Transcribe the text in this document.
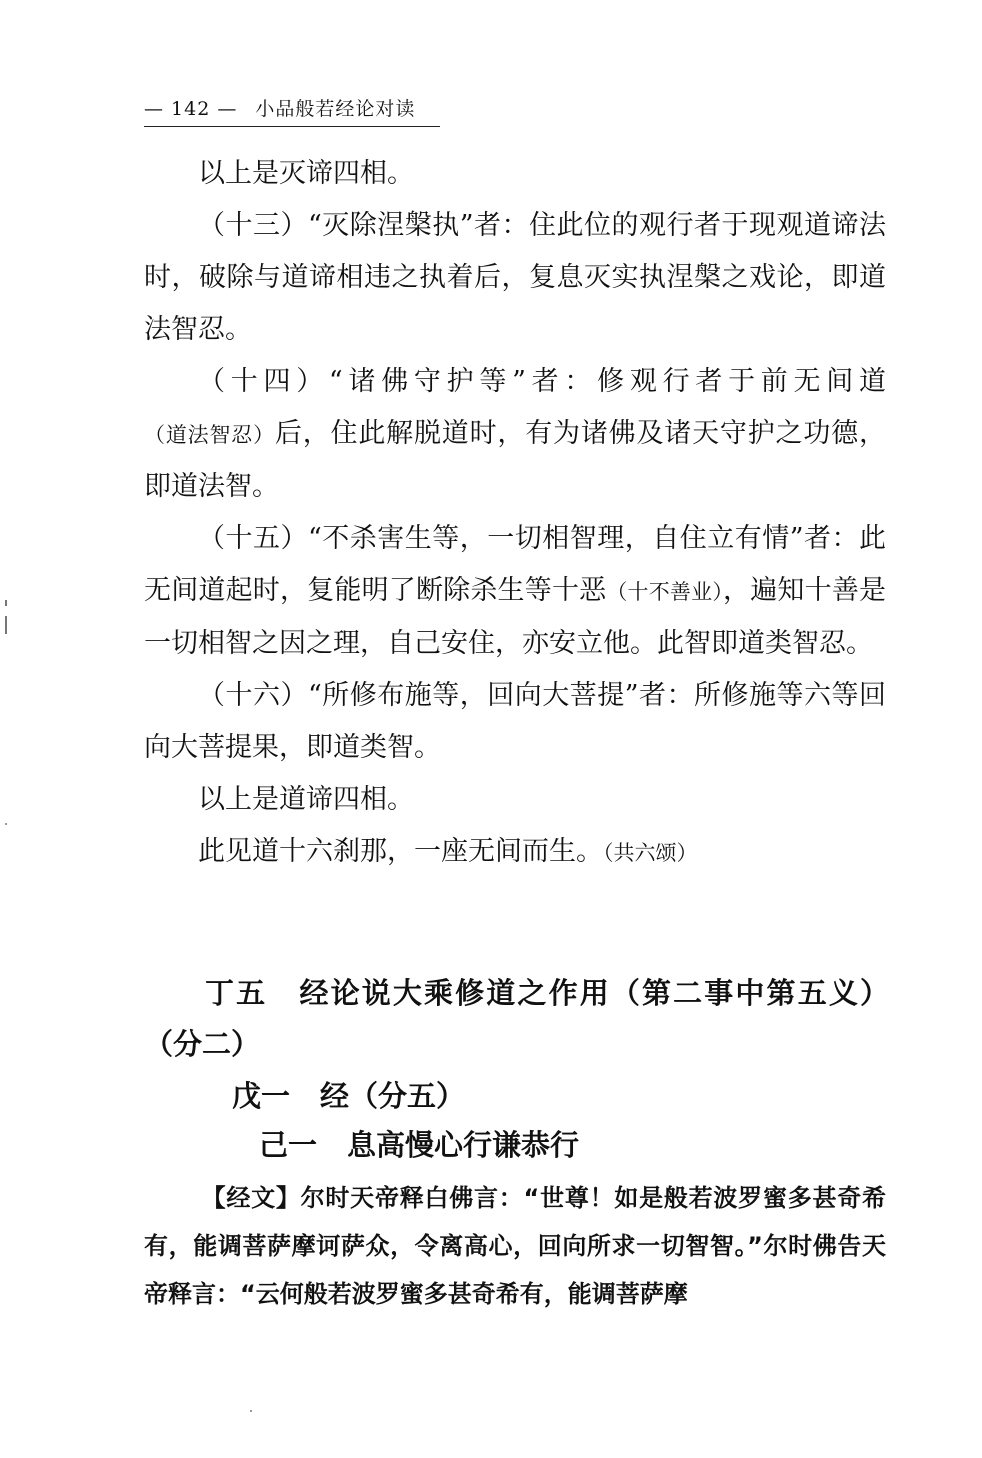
— 142 — 小品般若经论对读

以上是灭谛四相。

（十三）“灭除涅槃执”者：住此位的观行者于现观道谛法时，破除与道谛相违之执着后，复息灭实执涅槃之戏论，即道法智忍。

（十四）“诸佛守护等”者：修观行者于前无间道（道法智忍）后，住此解脱道时，有为诸佛及诸天守护之功德，即道法智。

（十五）“不杀害生等，一切相智理，自住立有情”者：此无间道起时，复能明了断除杀生等十恶（十不善业），遍知十善是一切相智之因之理，自己安住，亦安立他。此智即道类智忍。

（十六）“所修布施等，回向大菩提”者：所修施等六等回向大菩提果，即道类智。

以上是道谛四相。

此见道十六刹那，一座无间而生。（共六颂）

丁五 经论说大乘修道之作用（第二事中第五义）
（分二）
戊一 经（分五）
己一 息高慢心行谦恭行

【经文】尔时天帝释白佛言：“世尊！如是般若波罗蜜多甚奇希有，能调菩萨摩诃萨众，令离高心，回向所求一切智智。”尔时佛告天帝释言：“云何般若波罗蜜多甚奇希有，能调菩萨摩
